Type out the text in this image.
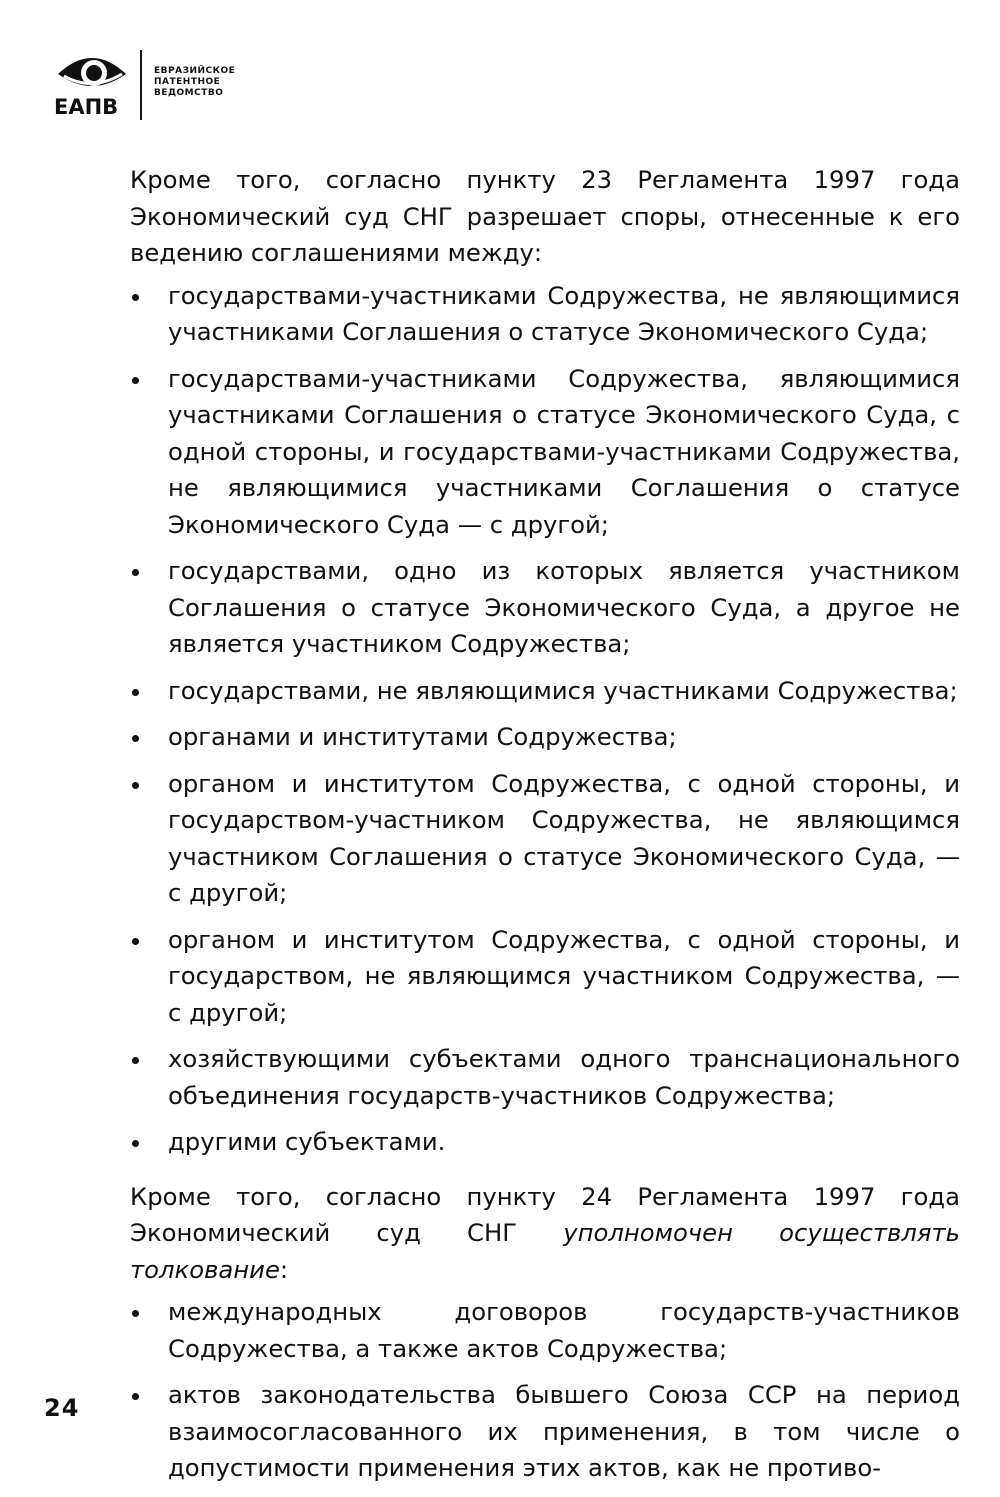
ЕАПВ
ЕВРАЗИЙСКОЕ
ПАТЕНТНОЕ
ВЕДОМСТВО

Кроме того, согласно пункту 23 Регламента 1997 года Экономический суд СНГ разрешает споры, отнесенные к его ведению соглашениями между:

государствами-участниками Содружества, не являющимися участниками Соглашения о статусе Экономического Суда;
государствами-участниками Содружества, являющимися участниками Соглашения о статусе Экономического Суда, с одной стороны, и государствами-участниками Содружества, не являющимися участниками Соглашения о статусе Экономического Суда — с другой;
государствами, одно из которых является участником Соглашения о статусе Экономического Суда, а другое не является участником Содружества;
государствами, не являющимися участниками Содружества;
органами и институтами Содружества;
органом и институтом Содружества, с одной стороны, и государством-участником Содружества, не являющимся участником Соглашения о статусе Экономического Суда, — с другой;
органом и институтом Содружества, с одной стороны, и государством, не являющимся участником Содружества, — с другой;
хозяйствующими субъектами одного транснационального объединения государств-участников Содружества;
другими субъектами.

Кроме того, согласно пункту 24 Регламента 1997 года Экономический суд СНГ уполномочен осуществлять толкование:

международных договоров государств-участников Содружества, а также актов Содружества;
актов законодательства бывшего Союза ССР на период взаимосогласованного их применения, в том числе о допустимости применения этих актов, как не противо-
24
